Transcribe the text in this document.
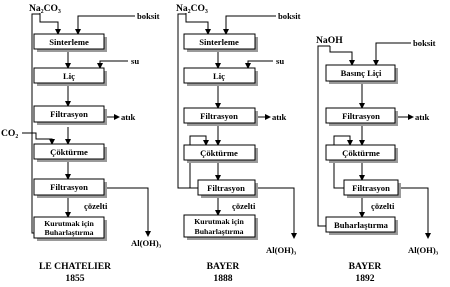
Sinterleme
Liç
Filtrasyon
Çöktürme
Filtrasyon
Kurutmak için
Buharlaştırma
Na₂CO₃
boksit
su
atık
CO₂
çözelti
Al(OH)₃
LE CHATELIER
1855
Sinterleme
Liç
Filtrasyon
Çöktürme
Filtrasyon
Kurutmak için
Buharlaştırma
Na₂CO₃
boksit
su
atık
çözelti
Al(OH)₃
BAYER
1888
Basınç Liçi
Filtrasyon
Çöktürme
Filtrasyon
Buharlaştırma
NaOH	boksit
atık
çözelti
Al(OH)₃
BAYER
1892
